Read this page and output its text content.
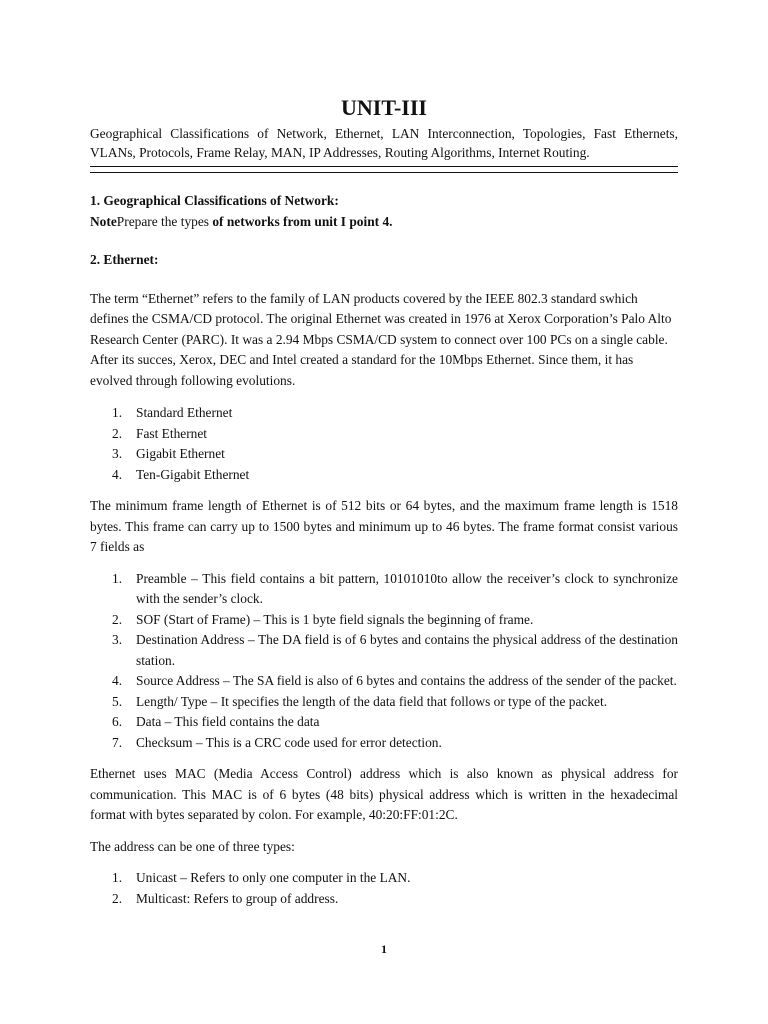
UNIT-III

Geographical Classifications of Network, Ethernet, LAN Interconnection, Topologies, Fast Ethernets, VLANs, Protocols, Frame Relay, MAN, IP Addresses, Routing Algorithms, Internet Routing.

1. Geographical Classifications of Network:

NotePrepare the types of networks from unit I point 4.

2. Ethernet:

The term “Ethernet” refers to the family of LAN products covered by the IEEE 802.3 standard swhich defines the CSMA/CD protocol. The original Ethernet was created in 1976 at Xerox Corporation’s Palo Alto Research Center (PARC). It was a 2.94 Mbps CSMA/CD system to connect over 100 PCs on a single cable. After its succes, Xerox, DEC and Intel created a standard for the 10Mbps Ethernet. Since them, it has evolved through following evolutions.

1. Standard Ethernet
2. Fast Ethernet
3. Gigabit Ethernet
4. Ten-Gigabit Ethernet

The minimum frame length of Ethernet is of 512 bits or 64 bytes, and the maximum frame length is 1518 bytes. This frame can carry up to 1500 bytes and minimum up to 46 bytes. The frame format consist various 7 fields as

1. Preamble – This field contains a bit pattern, 10101010to allow the receiver’s clock to synchronize with the sender’s clock.
2. SOF (Start of Frame) – This is 1 byte field signals the beginning of frame.
3. Destination Address – The DA field is of 6 bytes and contains the physical address of the destination station.
4. Source Address – The SA field is also of 6 bytes and contains the address of the sender of the packet.
5. Length/ Type – It specifies the length of the data field that follows or type of the packet.
6. Data – This field contains the data
7. Checksum – This is a CRC code used for error detection.

Ethernet uses MAC (Media Access Control) address which is also known as physical address for communication. This MAC is of 6 bytes (48 bits) physical address which is written in the hexadecimal format with bytes separated by colon. For example, 40:20:FF:01:2C.

The address can be one of three types:

1. Unicast – Refers to only one computer in the LAN.
2. Multicast: Refers to group of address.
1
